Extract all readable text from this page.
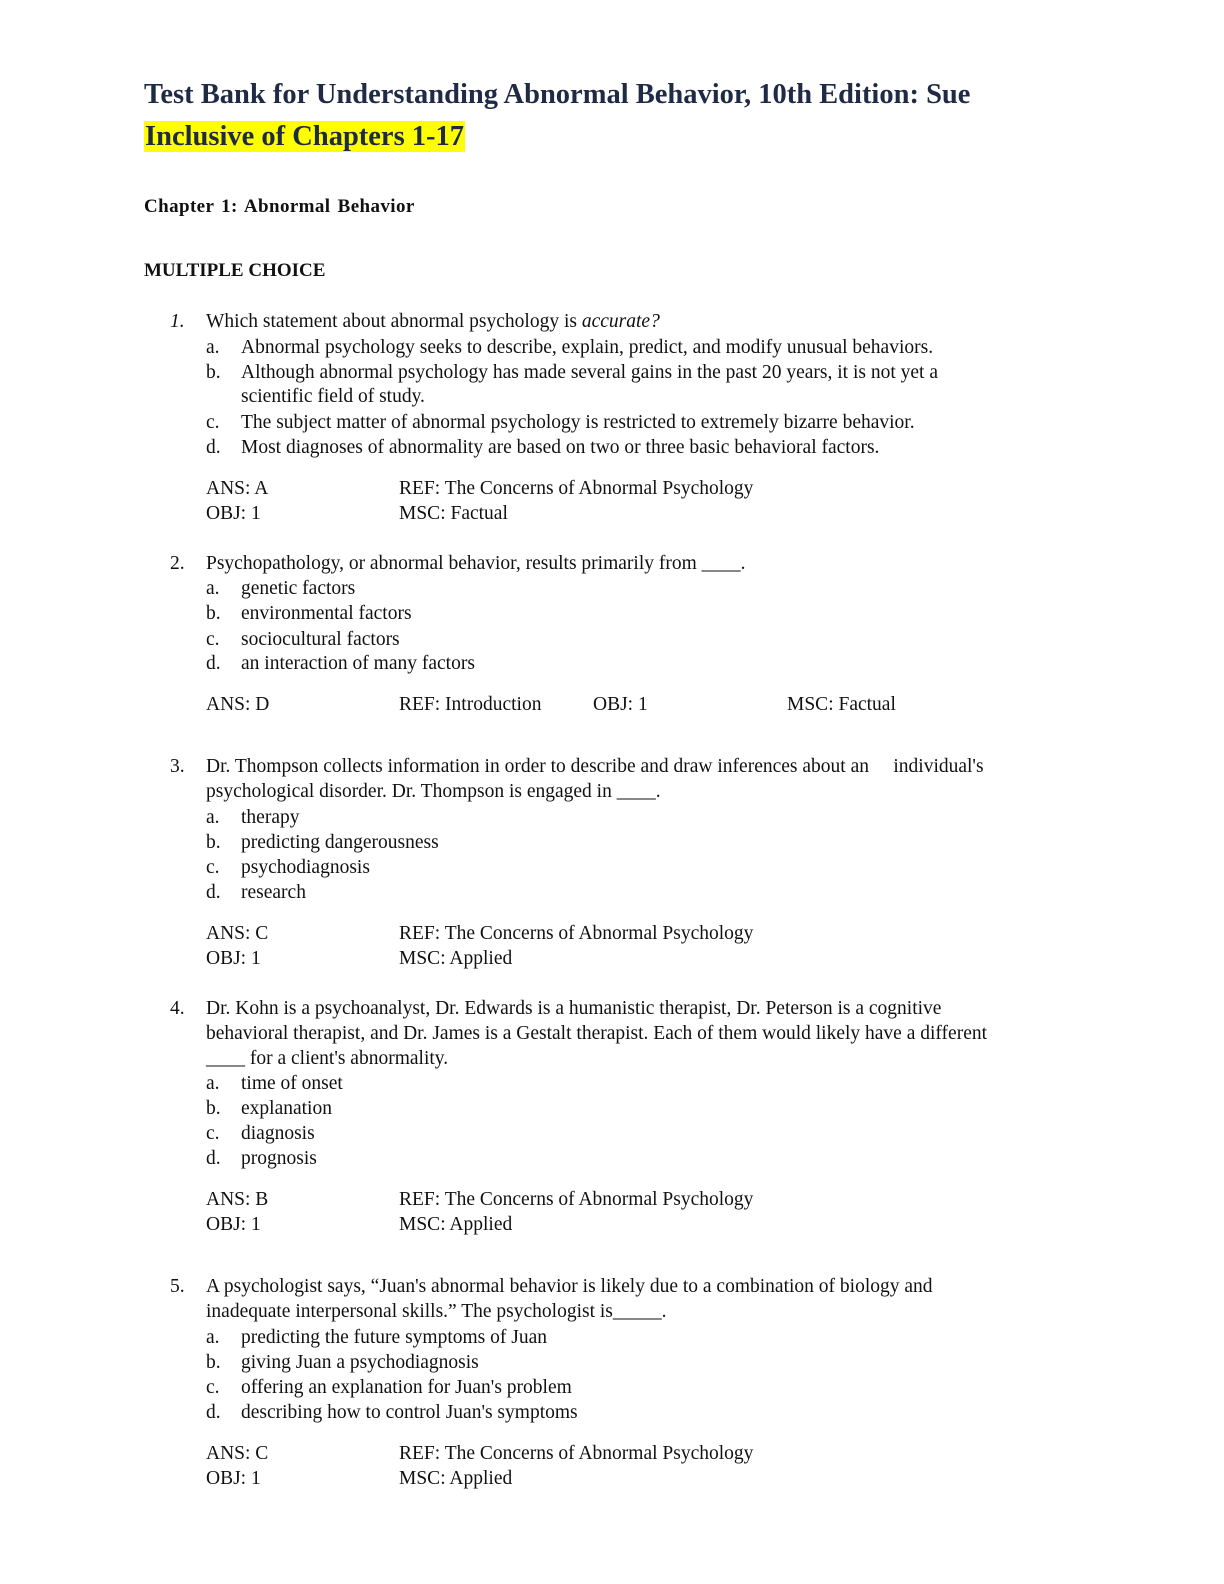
Test Bank for Understanding Abnormal Behavior, 10th Edition: Sue
Inclusive of Chapters 1-17

Chapter 1: Abnormal Behavior

MULTIPLE CHOICE

1. Which statement about abnormal psychology is accurate?
a. Abnormal psychology seeks to describe, explain, predict, and modify unusual behaviors.
b. Although abnormal psychology has made several gains in the past 20 years, it is not yet a
scientific field of study.
c. The subject matter of abnormal psychology is restricted to extremely bizarre behavior.
d. Most diagnoses of abnormality are based on two or three basic behavioral factors.
ANS: A	REF: The Concerns of Abnormal Psychology
OBJ: 1	MSC: Factual
2. Psychopathology, or abnormal behavior, results primarily from ____.
a. genetic factors
b. environmental factors
c. sociocultural factors
d. an interaction of many factors
ANS: D	REF: Introduction	OBJ: 1	MSC: Factual
3. Dr. Thompson collects information in order to describe and draw inferences about an     individual's
psychological disorder. Dr. Thompson is engaged in ____.
a. therapy
b. predicting dangerousness
c. psychodiagnosis
d. research
ANS: C	REF: The Concerns of Abnormal Psychology
OBJ: 1	MSC: Applied
4. Dr. Kohn is a psychoanalyst, Dr. Edwards is a humanistic therapist, Dr. Peterson is a cognitive
behavioral therapist, and Dr. James is a Gestalt therapist. Each of them would likely have a different
____ for a client's abnormality.
a. time of onset
b. explanation
c. diagnosis
d. prognosis
ANS: B	REF: The Concerns of Abnormal Psychology
OBJ: 1	MSC: Applied
5. A psychologist says, “Juan's abnormal behavior is likely due to a combination of biology and
inadequate interpersonal skills.” The psychologist is_____.
a. predicting the future symptoms of Juan
b. giving Juan a psychodiagnosis
c. offering an explanation for Juan's problem
d. describing how to control Juan's symptoms
ANS: C	REF: The Concerns of Abnormal Psychology
OBJ: 1	MSC: Applied
